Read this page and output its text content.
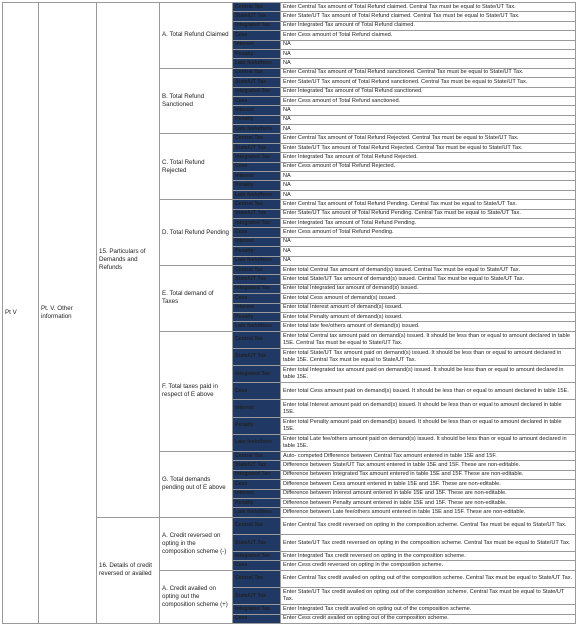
Pt V	Pt. V. Other information	15. Particulars of Demands and Refunds	A. Total Refund Claimed	Central Tax	Enter Central Tax amount of Total Refund claimed. Central Tax must be equal to State/UT Tax.
				State/UT Tax	Enter State/UT Tax amount of Total Refund claimed. Central Tax must be equal to State/UT Tax.
				Integrated Tax	Enter Integrated Tax amount of Total Refund claimed.
				Cess	Enter Cess amount of Total Refund claimed.
				Interest	NA
				Penalty	NA
				Late fee/others	NA
			B. Total Refund Sanctioned	Central Tax	Enter Central Tax amount of Total Refund sanctioned. Central Tax must be equal to State/UT Tax.
				State/UT Tax	Enter State/UT Tax amount of Total Refund sanctioned. Central Tax must be equal to State/UT Tax.
				Integrated Tax	Enter Integrated Tax amount of Total Refund sanctioned.
				Cess	Enter Cess amount of Total Refund sanctioned.
				Interest	NA
				Penalty	NA
				Late fee/others	NA
			C. Total Refund Rejected	Central Tax	Enter Central Tax amount of Total Refund Rejected. Central Tax must be equal to State/UT Tax.
				State/UT Tax	Enter State/UT Tax amount of Total Refund Rejected. Central Tax must be equal to State/UT Tax.
				Integrated Tax	Enter Integrated Tax amount of Total Refund Rejected.
				Cess	Enter Cess amount of Total Refund Rejected.
				Interest	NA
				Penalty	NA
				Late fee/others	NA
			D. Total Refund Pending	Central Tax	Enter Central Tax amount of Total Refund Pending. Central Tax must be equal to State/UT Tax.
				State/UT Tax	Enter State/UT Tax amount of Total Refund Pending. Central Tax must be equal to State/UT Tax.
				Integrated Tax	Enter Integrated Tax amount of Total Refund Pending.
				Cess	Enter Cess amount of Total Refund Pending.
				Interest	NA
				Penalty	NA
				Late fee/others	NA
			E. Total demand of Taxes	Central Tax	Enter total Central Tax amount of demand(s) issued. Central Tax must be equal to State/UT Tax.
				State/UT Tax	Enter total State/UT Tax amount of demand(s) issued. Central Tax must be equal to State/UT Tax.
				Integrated Tax	Enter total Integrated tax amount of demand(s) issued.
				Cess	Enter total Cess amount of demand(s) issued.
				Interest	Enter total Interest amount of demand(s) issued.
				Penalty	Enter total Penalty amount of demand(s) issued.
				Late fee/others	Enter total late fee/others amount of demand(s) issued.
			F. Total taxes paid in respect of E above	Central Tax	Enter total Central tax amount paid on demand(s) issued. It should be less than or equal to amount declared in table 15E. Central Tax must be equal to State/UT Tax.
				State/UT Tax	Enter total State/UT Tax amount paid on demand(s) issued. It should be less than or equal to amount declared in table 15E. Central Tax must be equal to State/UT Tax.
				Integrated Tax	Enter total Integrated tax amount paid on demand(s) issued. It should be less than or equal to amount declared in table 15E.
				Cess	Enter total Cess amount paid on demand(s) issued. It should be less than or equal to amount declared in table 15E.
				Interest	Enter total Interest amount paid on demand(s) issued. It should be less than or equal to amount declared in table 15E.
				Penalty	Enter total Penalty amount paid on demand(s) issued. It should be less than or equal to amount declared in table 15E.
				Late fee/others	Enter total Late fee/others amount paid on demand(s) issued. It should be less than or equal to amount declared in table 15E.
			G. Total demands pending out of E above	Central Tax	Auto- competed Difference between Central Tax amount entered in table 15E and 15F.
				State/UT Tax	Difference between State/UT Tax amount entered in table 15E and 15F. These are non-editable.
				Integrated Tax	Difference between Integrated Tax amount entered in table 15E and 15F. These are non-editable.
				Cess	Difference between Cess amount entered in table 15E and 15F. These are non-editable.
				Interest	Difference between Interest amount entered in table 15E and 15F. These are non-editable.
				Penalty	Difference between Penalty amount entered in table 15E and 15F. These are non-editable.
				Late fee/others	Difference between Late fee/others amount entered in table 15E and 15F. These are non-editable.
		16. Details of credit reversed or availed	A. Credit reversed on opting in the composition scheme (-)	Central Tax	Enter Central Tax credit reversed on opting in the composition scheme. Central Tax must be equal to State/UT Tax.
				State/UT Tax	Enter State/UT Tax credit reversed on opting in the composition scheme. Central Tax must be equal to State/UT Tax.
				Integrated Tax	Enter Integrated Tax credit reversed on opting in the composition scheme.
				Cess	Enter Cess credit reversed on opting in the composition scheme.
			A. Credit availed on opting out the composition scheme (+)	Central Tax	Enter Central Tax credit availed on opting out of the composition scheme. Central Tax must be equal to State/UT Tax.
				State/UT Tax	Enter State/UT Tax credit availed on opting out of the composition scheme. Central Tax must be equal to State/UT Tax.
				Integrated Tax	Enter Integrated Tax credit availed on opting out of the composition scheme.
				Cess	Enter Cess credit availed on opting out of the composition scheme.
